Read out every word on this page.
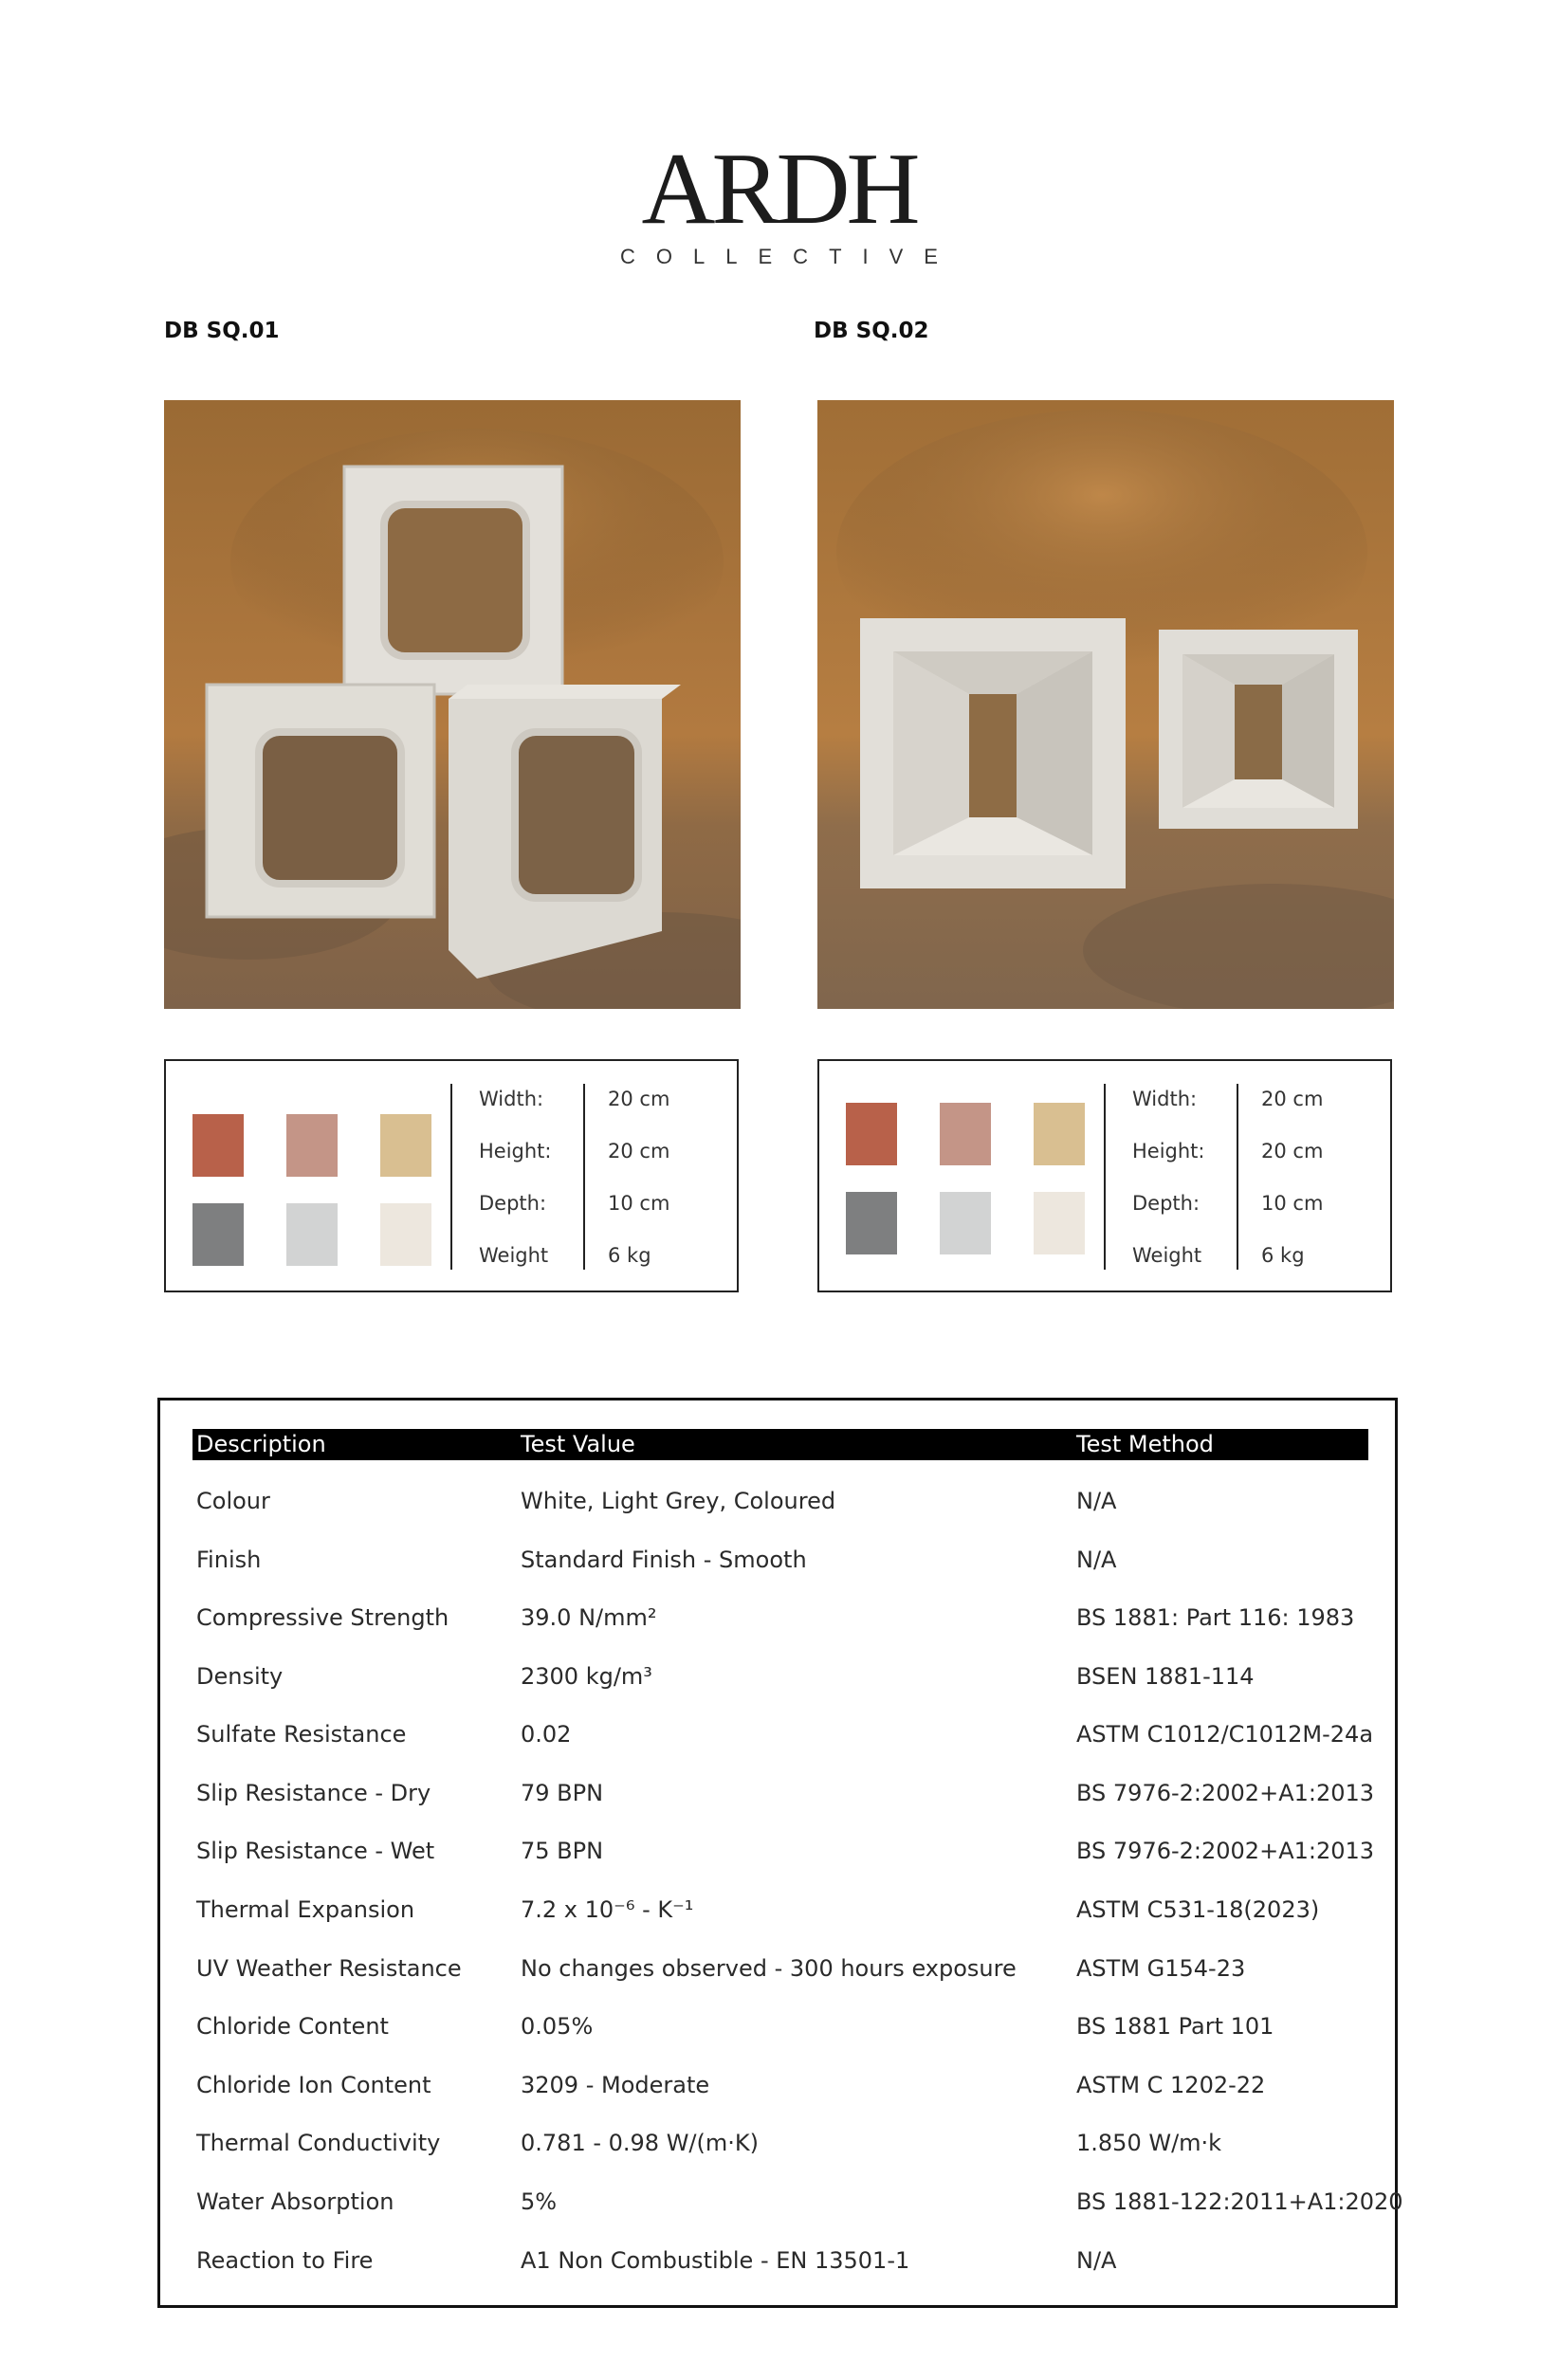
ARDH
COLLECTIVE
DB SQ.01	DB SQ.02
Width:	20 cm
Height:	20 cm
Depth:	10 cm
Weight	6 kg
Width:	20 cm
Height:	20 cm
Depth:	10 cm
Weight	6 kg
Description	Test Value	Test Method
Colour	White, Light Grey, Coloured	N/A
Finish	Standard Finish - Smooth	N/A
Compressive Strength	39.0 N/mm²	BS 1881: Part 116: 1983
Density	2300 kg/m³	BSEN 1881-114
Sulfate Resistance	0.02	ASTM C1012/C1012M-24a
Slip Resistance - Dry	79 BPN	BS 7976-2:2002+A1:2013
Slip Resistance - Wet	75 BPN	BS 7976-2:2002+A1:2013
Thermal Expansion	7.2 x 10⁻⁶ - K⁻¹	ASTM C531-18(2023)
UV Weather Resistance	No changes observed - 300 hours exposure	ASTM G154-23
Chloride Content	0.05%	BS 1881 Part 101
Chloride Ion Content	3209 - Moderate	ASTM C 1202-22
Thermal Conductivity	0.781 - 0.98 W/(m·K)	1.850 W/m·k
Water Absorption	5%	BS 1881-122:2011+A1:2020
Reaction to Fire	A1 Non Combustible - EN 13501-1	N/A
